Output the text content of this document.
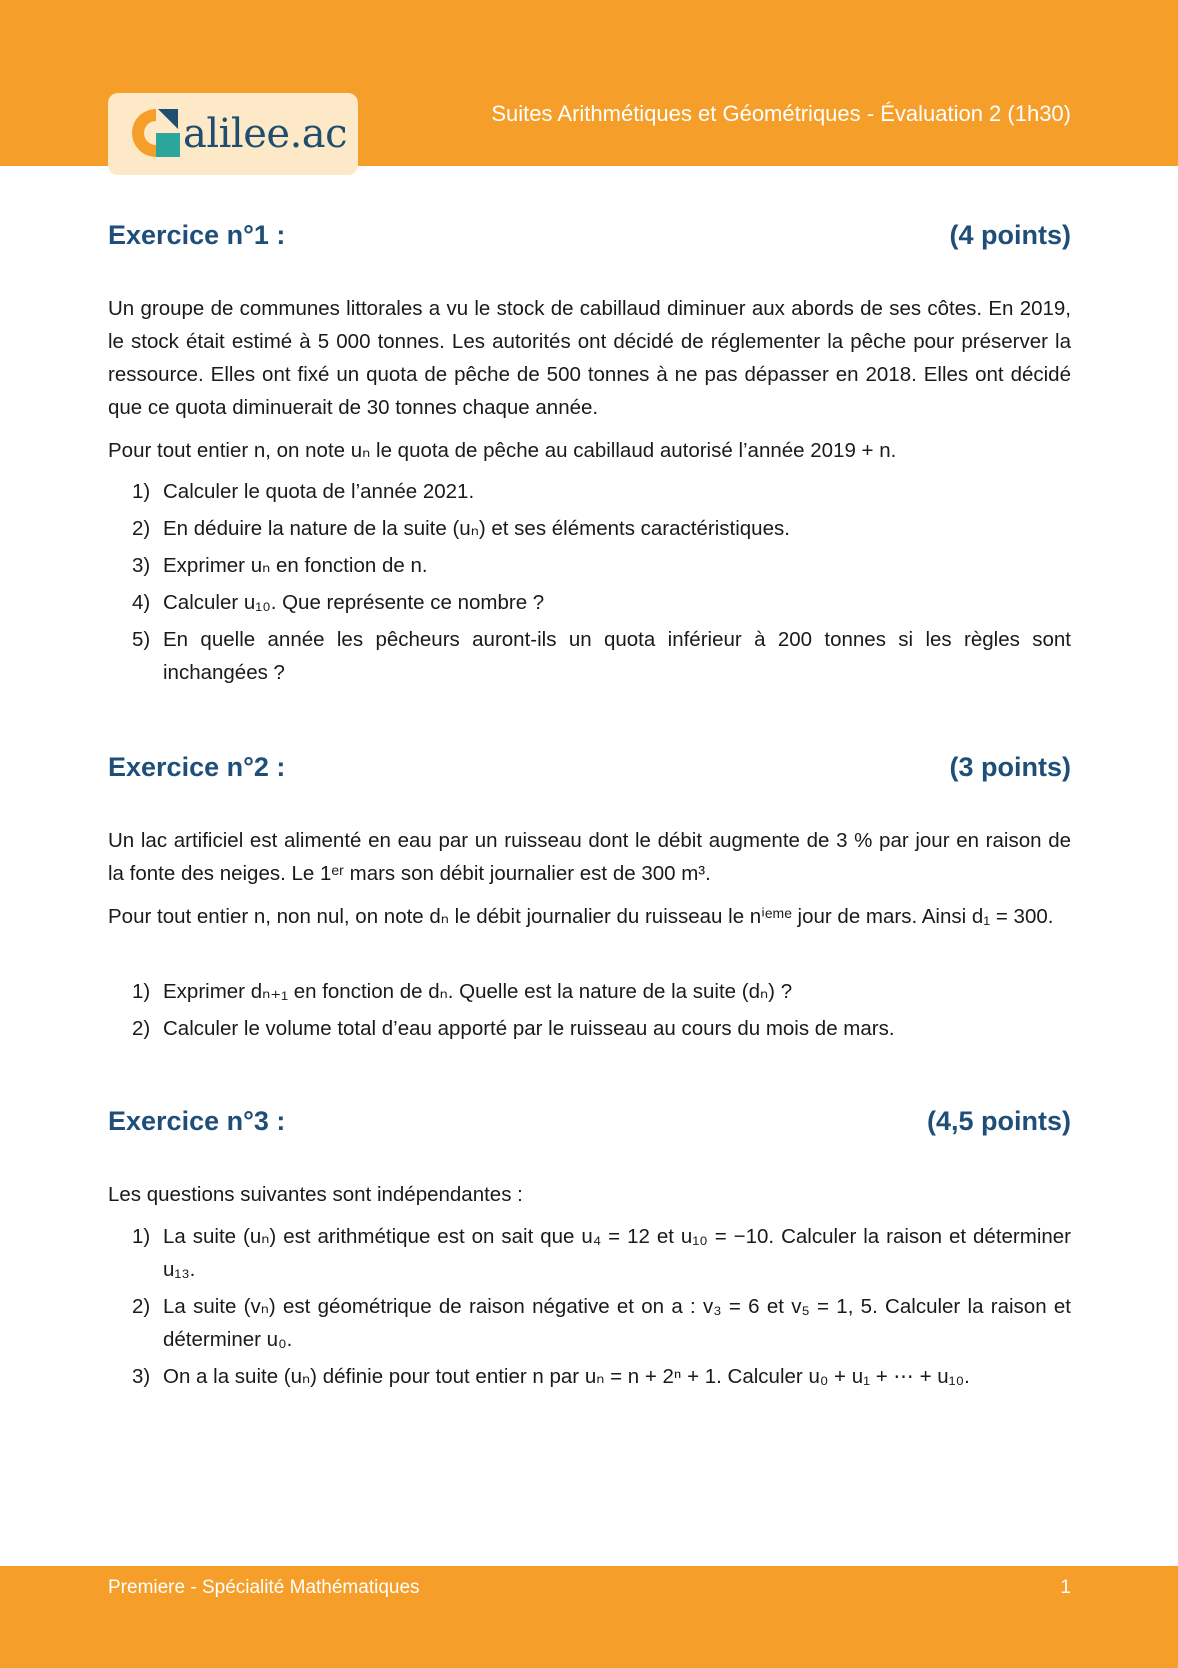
alilee.ac	Suites Arithmétiques et Géométriques - Évaluation 2 (1h30)
Exercice n°1 :	(4 points)

Un groupe de communes littorales a vu le stock de cabillaud diminuer aux abords de ses côtes. En 2019, le stock était estimé à 5 000 tonnes. Les autorités ont décidé de réglementer la pêche pour préserver la ressource. Elles ont fixé un quota de pêche de 500 tonnes à ne pas dépasser en 2018. Elles ont décidé que ce quota diminuerait de 30 tonnes chaque année.

Pour tout entier n, on note uₙ le quota de pêche au cabillaud autorisé l’année 2019 + n.

1) Calculer le quota de l’année 2021.
2) En déduire la nature de la suite (uₙ) et ses éléments caractéristiques.
3) Exprimer uₙ en fonction de n.
4) Calculer u₁₀. Que représente ce nombre ?
5) En quelle année les pêcheurs auront-ils un quota inférieur à 200 tonnes si les règles sont inchangées ?
Exercice n°2 :	(3 points)

Un lac artificiel est alimenté en eau par un ruisseau dont le débit augmente de 3 % par jour en raison de la fonte des neiges. Le 1ᵉʳ mars son débit journalier est de 300 m³.

Pour tout entier n, non nul, on note dₙ le débit journalier du ruisseau le nⁱᵉᵐᵉ jour de mars. Ainsi d₁ = 300.

1) Exprimer dₙ₊₁ en fonction de dₙ. Quelle est la nature de la suite (dₙ) ?
2) Calculer le volume total d’eau apporté par le ruisseau au cours du mois de mars.
Exercice n°3 :	(4,5 points)

Les questions suivantes sont indépendantes :

1) La suite (uₙ) est arithmétique est on sait que u₄ = 12 et u₁₀ = −10. Calculer la raison et déterminer u₁₃.
2) La suite (vₙ) est géométrique de raison négative et on a : v₃ = 6 et v₅ = 1, 5. Calculer la raison et déterminer u₀.
3) On a la suite (uₙ) définie pour tout entier n par uₙ = n + 2ⁿ + 1. Calculer u₀ + u₁ + ⋯ + u₁₀.
Premiere - Spécialité Mathématiques	1
